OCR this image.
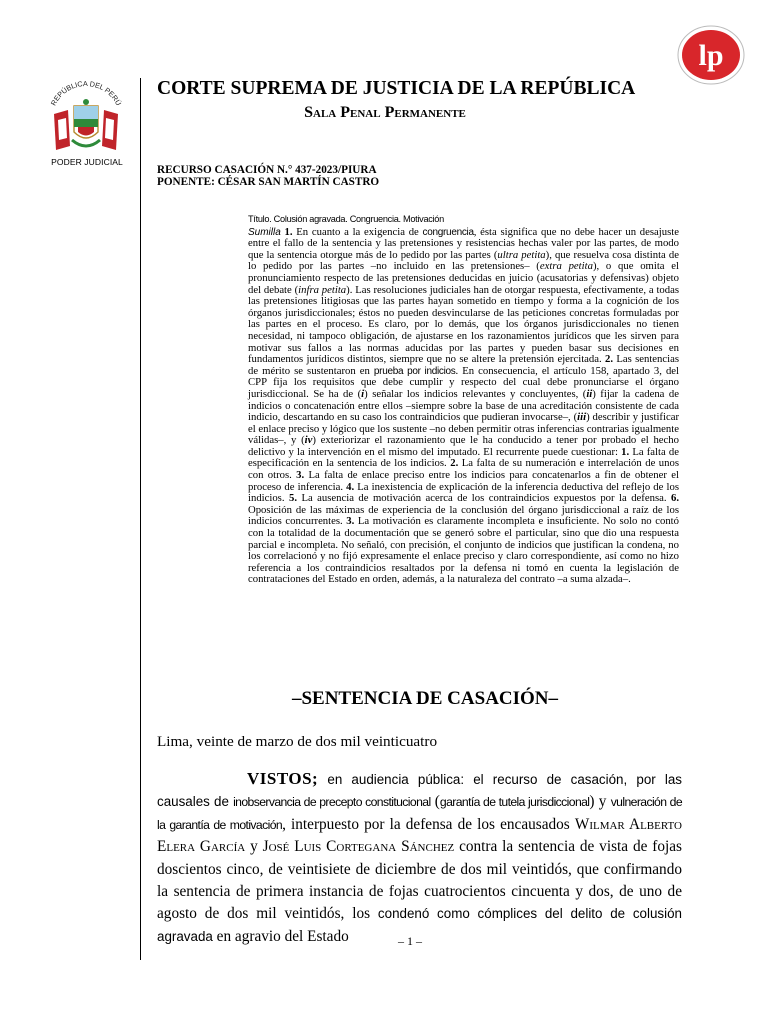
REPÚBLICA DEL PERÚ
PODER JUDICIAL
lp
CORTE SUPREMA DE JUSTICIA DE LA REPÚBLICA
Sala Penal Permanente
RECURSO CASACIÓN N.° 437-2023/PIURA
PONENTE: CÉSAR SAN MARTÍN CASTRO
Título. Colusión agravada. Congruencia. Motivación

Sumilla 1. En cuanto a la exigencia de congruencia, ésta significa que no debe hacer un desajuste entre el fallo de la sentencia y las pretensiones y resistencias hechas valer por las partes, de modo que la sentencia otorgue más de lo pedido por las partes (ultra petita), que resuelva cosa distinta de lo pedido por las partes –no incluido en las pretensiones– (extra petita), o que omita el pronunciamiento respecto de las pretensiones deducidas en juicio (acusatorias y defensivas) objeto del debate (infra petita). Las resoluciones judiciales han de otorgar respuesta, efectivamente, a todas las pretensiones litigiosas que las partes hayan sometido en tiempo y forma a la cognición de los órganos jurisdiccionales; éstos no pueden desvincularse de las peticiones concretas formuladas por las partes en el proceso. Es claro, por lo demás, que los órganos jurisdiccionales no tienen necesidad, ni tampoco obligación, de ajustarse en los razonamientos jurídicos que les sirven para motivar sus fallos a las normas aducidas por las partes y pueden basar sus decisiones en fundamentos jurídicos distintos, siempre que no se altere la pretensión ejercitada. 2. Las sentencias de mérito se sustentaron en prueba por indicios. En consecuencia, el artículo 158, apartado 3, del CPP fija los requisitos que debe cumplir y respecto del cual debe pronunciarse el órgano jurisdiccional. Se ha de (i) señalar los indicios relevantes y concluyentes, (ii) fijar la cadena de indicios o concatenación entre ellos –siempre sobre la base de una acreditación consistente de cada indicio, descartando en su caso los contraindicios que pudieran invocarse–, (iii) describir y justificar el enlace preciso y lógico que los sustente –no deben permitir otras inferencias contrarias igualmente válidas–, y (iv) exteriorizar el razonamiento que le ha conducido a tener por probado el hecho delictivo y la intervención en el mismo del imputado. El recurrente puede cuestionar: 1. La falta de especificación en la sentencia de los indicios. 2. La falta de su numeración e interrelación de unos con otros. 3. La falta de enlace preciso entre los indicios para concatenarlos a fin de obtener el proceso de inferencia. 4. La inexistencia de explicación de la inferencia deductiva del reflejo de los indicios. 5. La ausencia de motivación acerca de los contraindicios expuestos por la defensa. 6. Oposición de las máximas de experiencia de la conclusión del órgano jurisdiccional a raíz de los indicios concurrentes. 3. La motivación es claramente incompleta e insuficiente. No solo no contó con la totalidad de la documentación que se generó sobre el particular, sino que dio una respuesta parcial e incompleta. No señaló, con precisión, el conjunto de indicios que justifican la condena, no los correlacionó y no fijó expresamente el enlace preciso y claro correspondiente, así como no hizo referencia a los contraindicios resaltados por la defensa ni tomó en cuenta la legislación de contrataciones del Estado en orden, además, a la naturaleza del contrato –a suma alzada–.

–SENTENCIA DE CASACIÓN–
Lima, veinte de marzo de dos mil veinticuatro

VISTOS; en audiencia pública: el recurso de casación, por las causales de inobservancia de precepto constitucional (garantía de tutela jurisdiccional) y vulneración de la garantía de motivación, interpuesto por la defensa de los encausados Wilmar Alberto Elera García y José Luis Cortegana Sánchez contra la sentencia de vista de fojas doscientos cinco, de veintisiete de diciembre de dos mil veintidós, que confirmando la sentencia de primera instancia de fojas cuatrocientos cincuenta y dos, de uno de agosto de dos mil veintidós, los condenó como cómplices del delito de colusión agravada en agravio del Estado	– 1 –
